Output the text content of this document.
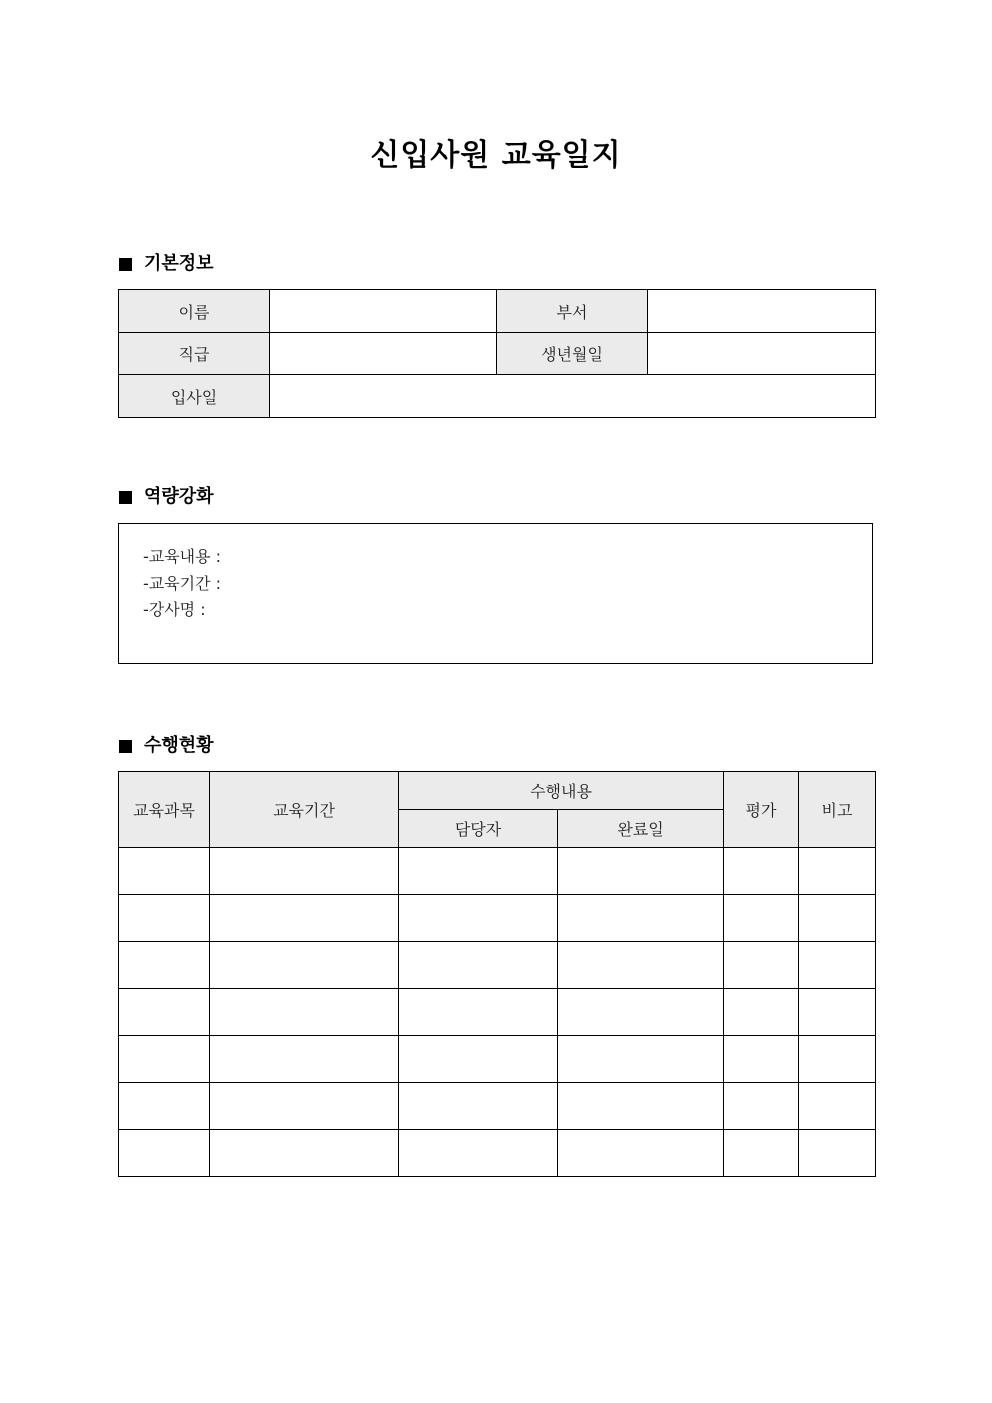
신입사원 교육일지
기본정보
이름		부서	
직급		생년월일	
입사일			
역량강화
-교육내용 :
-교육기간 :
-강사명 :
수행현황
교육과목	교육기간	수행내용		평가	비고
		담당자	완료일		
